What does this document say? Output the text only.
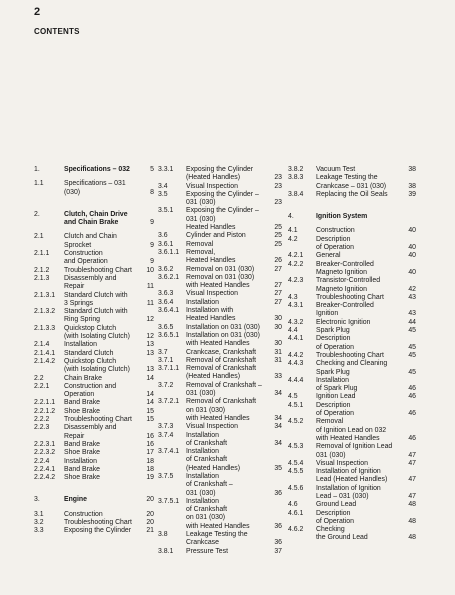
2
CONTENTS
1.	Specifications – 032	5
1.1	Specifications – 031
(030)	8
2.	Clutch, Chain Drive
and Chain Brake	9
2.1	Clutch and Chain
Sprocket	9
2.1.1 Construction
and Operation	9
2.1.2 Troubleshooting Chart	10
2.1.3 Disassembly and
Repair	11
2.1.3.1 Standard Clutch with
3 Springs	11
2.1.3.2 Standard Clutch with
Ring Spring	12
2.1.3.3 Quickstop Clutch
(with Isolating Clutch)	12
2.1.4 Installation	13
2.1.4.1 Standard Clutch	13
2.1.4.2 Quickstop Clutch
(with Isolating Clutch)	13
2.2	Chain Brake	14
2.2.1 Construction and
Operation	14
2.2.1.1 Band Brake	14
2.2.1.2 Shoe Brake	15
2.2.2 Troubleshooting Chart	15
2.2.3 Disassembly and
Repair	16
2.2.3.1 Band Brake	16
2.2.3.2 Shoe Brake	17
2.2.4 Installation	18
2.2.4.1 Band Brake	18
2.2.4.2 Shoe Brake	19
3.	Engine	20
3.1	Construction	20
3.2	Troubleshooting Chart	20
3.3	Exposing the Cylinder	21
3.3.1 Exposing the Cylinder
(Heated Handles)	23
3.4	Visual Inspection	23
3.5	Exposing the Cylinder –
031 (030)	23
3.5.1 Exposing the Cylinder –
031 (030)
Heated Handles	25
3.6	Cylinder and Piston	25
3.6.1 Removal	25
3.6.1.1 Removal,
Heated Handles	26
3.6.2 Removal on 031 (030)	27
3.6.2.1 Removal on 031 (030)
with Heated Handles	27
3.6.3 Visual Inspection	27
3.6.4 Installation	27
3.6.4.1 Installation with
Heated Handles	30
3.6.5 Installation on 031 (030)	30
3.6.5.1 Installation on 031 (030)
with Heated Handles	30
3.7	Crankcase, Crankshaft	31
3.7.1 Removal of Crankshaft	31
3.7.1.1 Removal of Crankshaft
(Heated Handles)	33
3.7.2 Removal of Crankshaft –
031 (030)	34
3.7.2.1 Removal of Crankshaft
on 031 (030)
with Heated Handles	34
3.7.3 Visual Inspection	34
3.7.4 Installation
of Crankshaft	34
3.7.4.1 Installation
of Crankshaft
(Heated Handles)	35
3.7.5 Installation
of Crankshaft –
031 (030)	36
3.7.5.1 Installation
of Crankshaft
on 031 (030)
with Heated Handles	36
3.8	Leakage Testing the
Crankcase	36
3.8.1 Pressure Test	37
3.8.2 Vacuum Test	38
3.8.3 Leakage Testing the
Crankcase – 031 (030)	38
3.8.4 Replacing the Oil Seals	39
4.	Ignition System
4.1	Construction	40
4.2	Description
of Operation	40
4.2.1 General	40
4.2.2 Breaker-Controlled
Magneto Ignition	40
4.2.3 Transistor-Controlled
Magneto Ignition	42
4.3	Troubleshooting Chart	43
4.3.1 Breaker-Controlled
Ignition	43
4.3.2 Electronic Ignition	44
4.4	Spark Plug	45
4.4.1 Description
of Operation	45
4.4.2 Troubleshooting Chart	45
4.4.3 Checking and Cleaning
Spark Plug	45
4.4.4 Installation
of Spark Plug	46
4.5	Ignition Lead	46
4.5.1 Description
of Operation	46
4.5.2 Removal
of Ignition Lead on 032
with Heated Handles	46
4.5.3 Removal of Ignition Lead
031 (030)	47
4.5.4 Visual Inspection	47
4.5.5 Installation of Ignition
Lead (Heated Handles)	47
4.5.6 Installation of Ignition
Lead – 031 (030)	47
4.6	Ground Lead	48
4.6.1 Description
of Operation	48
4.6.2 Checking
the Ground Lead	48
